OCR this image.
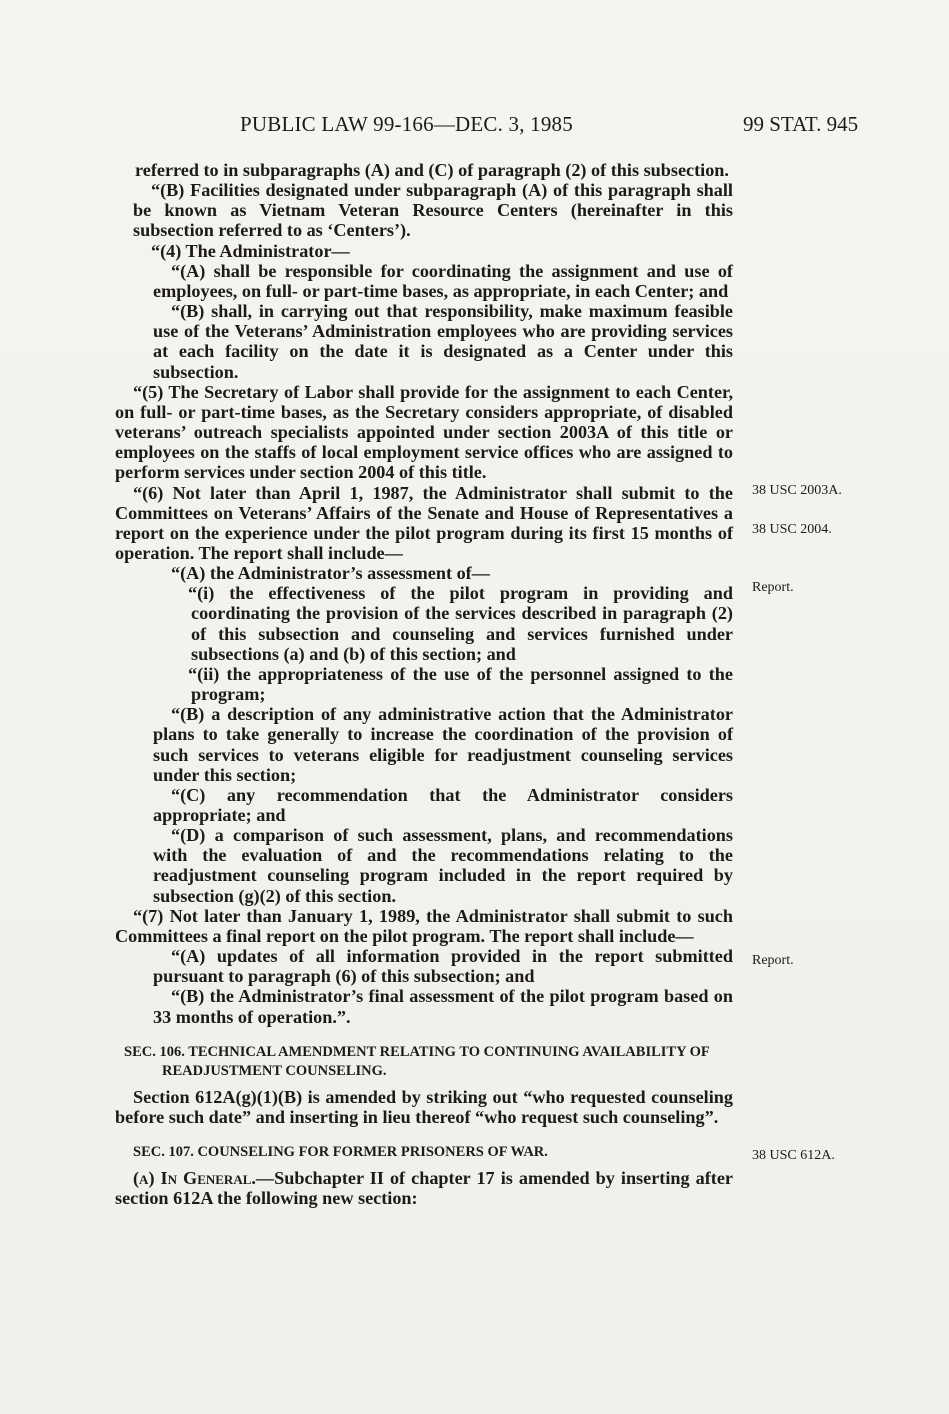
PUBLIC LAW 99-166—DEC. 3, 1985	99 STAT. 945

referred to in subparagraphs (A) and (C) of paragraph (2) of this subsection.

“(B) Facilities designated under subparagraph (A) of this paragraph shall be known as Vietnam Veteran Resource Centers (hereinafter in this subsection referred to as ‘Centers’).

“(4) The Administrator—

“(A) shall be responsible for coordinating the assignment and use of employees, on full- or part-time bases, as appropriate, in each Center; and

“(B) shall, in carrying out that responsibility, make maximum feasible use of the Veterans’ Administration employees who are providing services at each facility on the date it is designated as a Center under this subsection.

“(5) The Secretary of Labor shall provide for the assignment to each Center, on full- or part-time bases, as the Secretary considers appropriate, of disabled veterans’ outreach specialists appointed under section 2003A of this title or employees on the staffs of local employment service offices who are assigned to perform services under section 2004 of this title.

“(6) Not later than April 1, 1987, the Administrator shall submit to the Committees on Veterans’ Affairs of the Senate and House of Representatives a report on the experience under the pilot program during its first 15 months of operation. The report shall include—

“(A) the Administrator’s assessment of—

“(i) the effectiveness of the pilot program in providing and coordinating the provision of the services described in paragraph (2) of this subsection and counseling and services furnished under subsections (a) and (b) of this section; and

“(ii) the appropriateness of the use of the personnel assigned to the program;

“(B) a description of any administrative action that the Administrator plans to take generally to increase the coordination of the provision of such services to veterans eligible for readjustment counseling services under this section;

“(C) any recommendation that the Administrator considers appropriate; and

“(D) a comparison of such assessment, plans, and recommendations with the evaluation of and the recommendations relating to the readjustment counseling program included in the report required by subsection (g)(2) of this section.

“(7) Not later than January 1, 1989, the Administrator shall submit to such Committees a final report on the pilot program. The report shall include—

“(A) updates of all information provided in the report submitted pursuant to paragraph (6) of this subsection; and

“(B) the Administrator’s final assessment of the pilot program based on 33 months of operation.”.

SEC. 106. TECHNICAL AMENDMENT RELATING TO CONTINUING AVAILABILITY OF READJUSTMENT COUNSELING.

Section 612A(g)(1)(B) is amended by striking out “who requested counseling before such date” and inserting in lieu thereof “who request such counseling”.

SEC. 107. COUNSELING FOR FORMER PRISONERS OF WAR.

(a) In General.—Subchapter II of chapter 17 is amended by inserting after section 612A the following new section:

38 USC 2003A.
38 USC 2004.
Report.
Report.
38 USC 612A.
